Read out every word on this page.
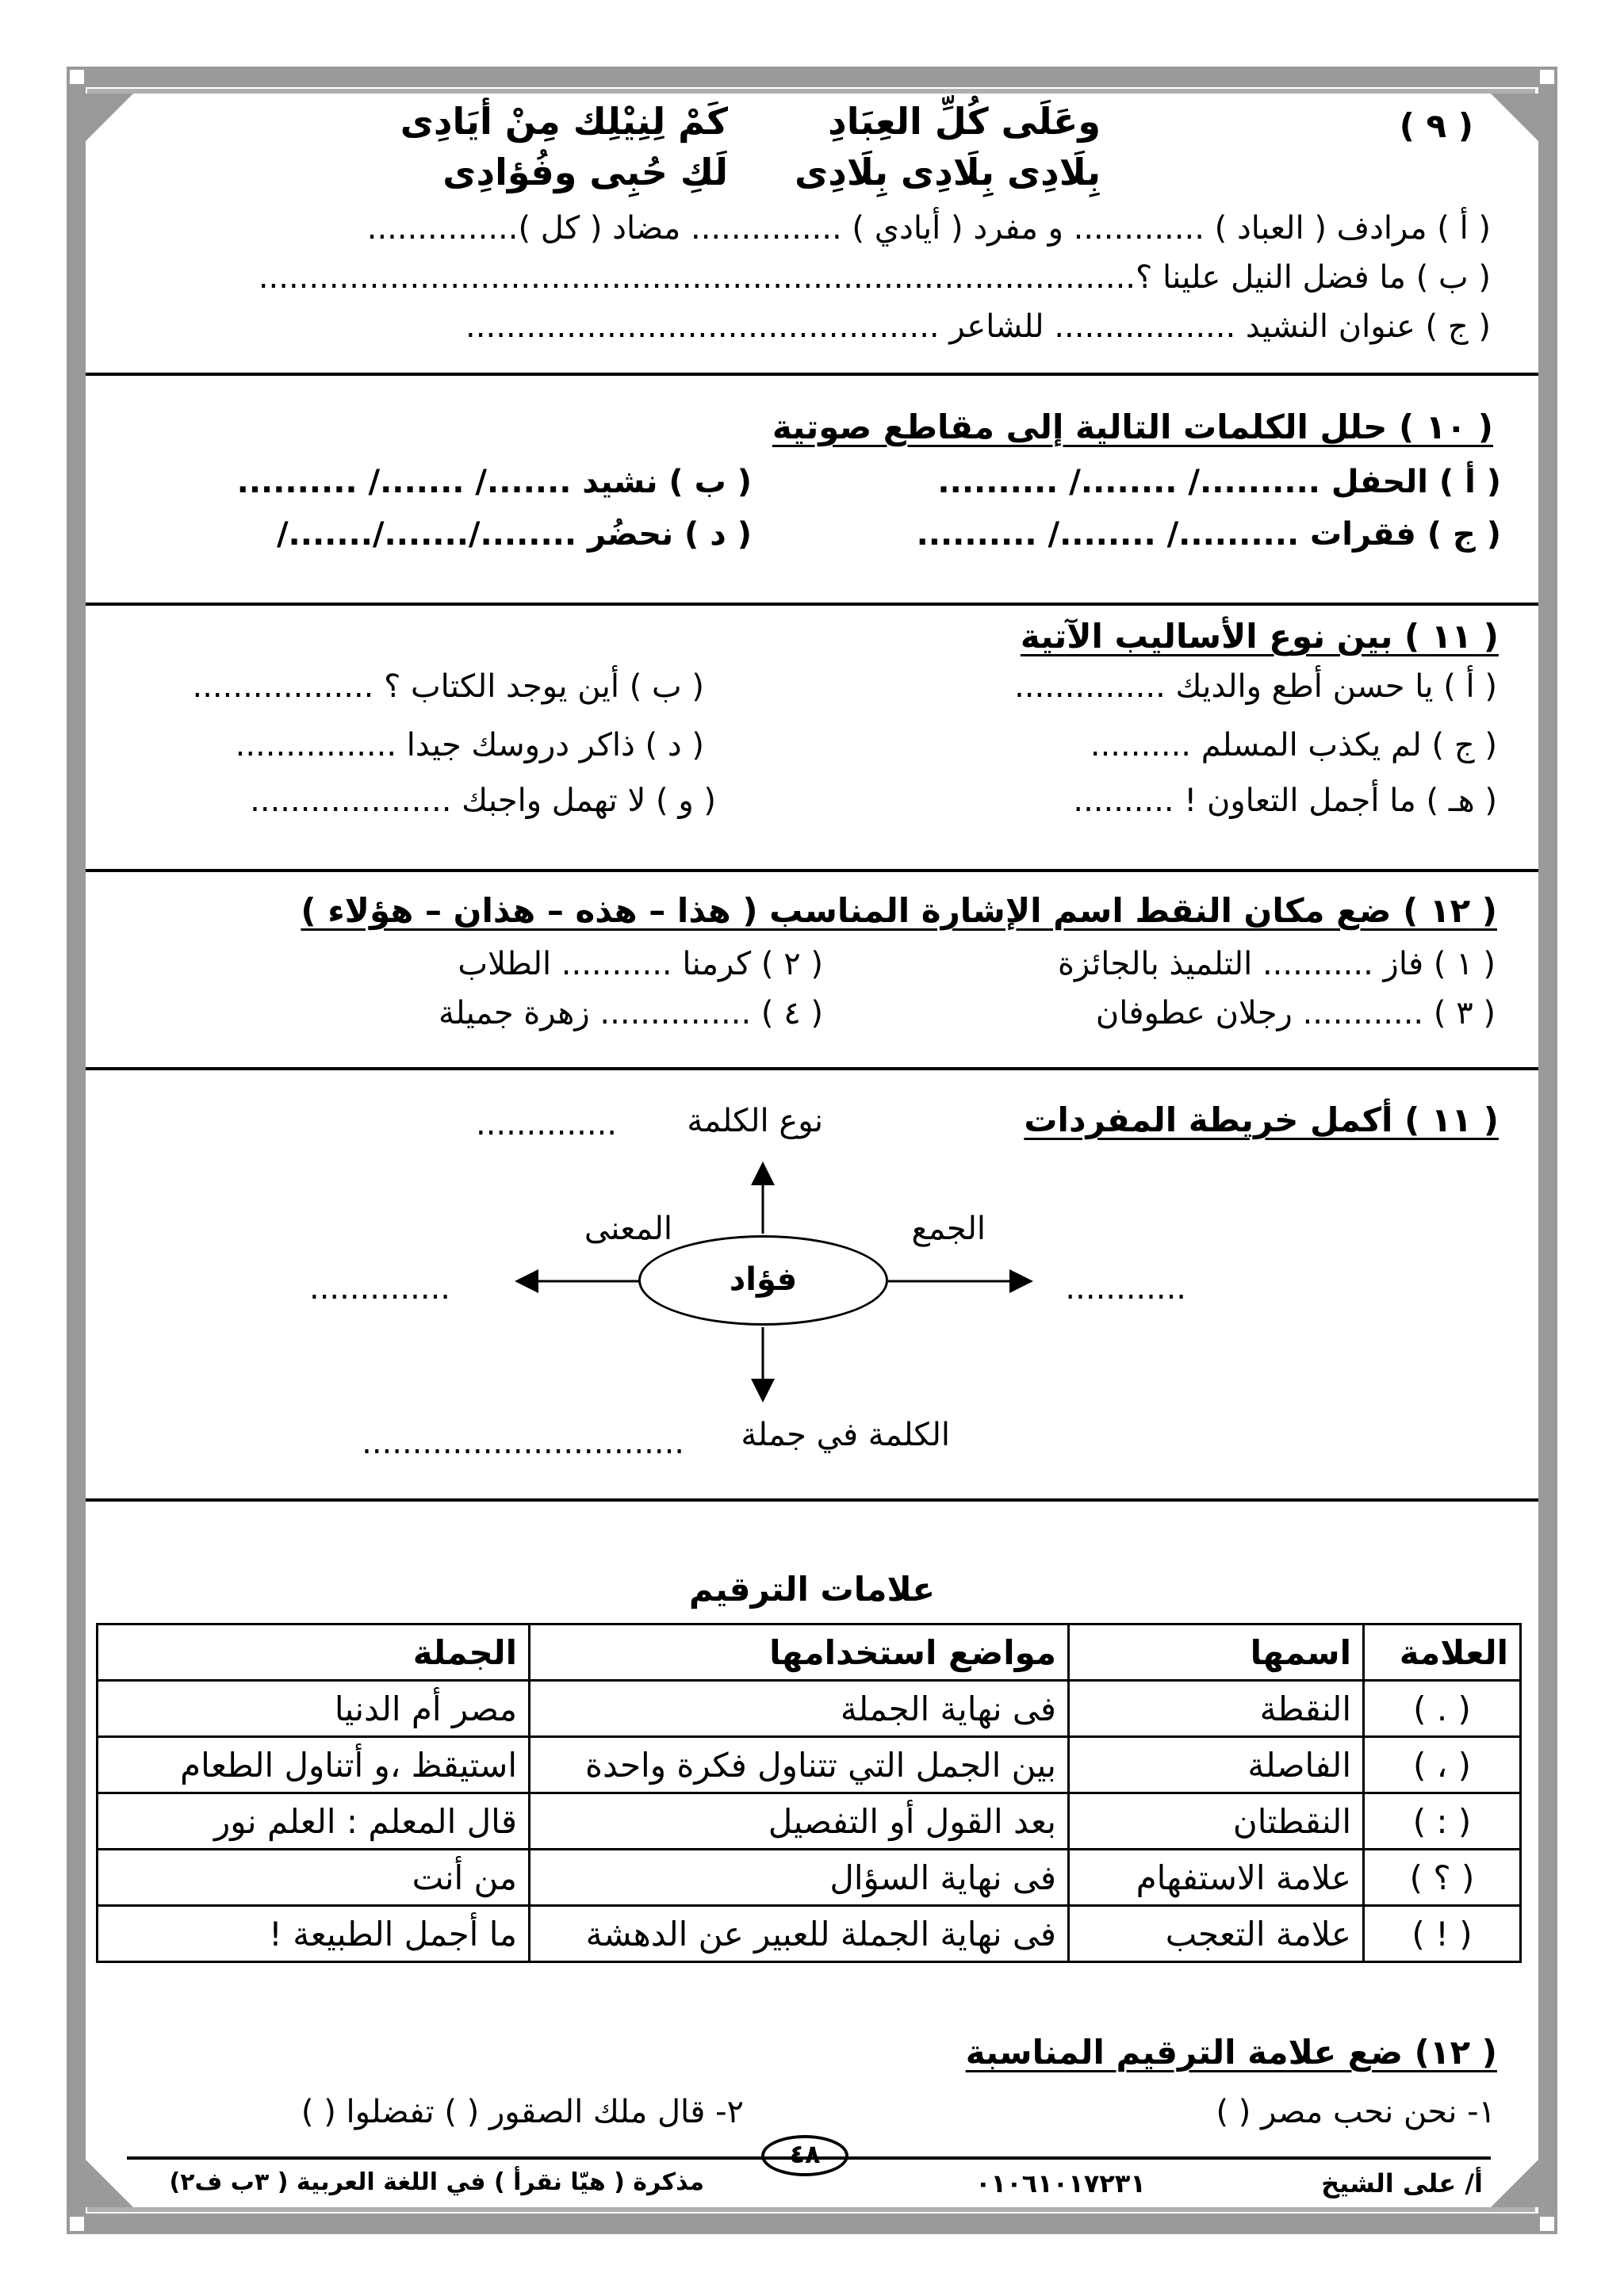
( ٩ )
وعَلَى كُلِّ العِبَادِ
كَمْ لِنِيْلِك مِنْ أيَادِى
بِلَادِى بِلَادِى بِلَادِى
لَكِ حُبِى وفُؤادِى
( أ ) مرادف ( العباد ) ............. و مفرد ( أيادي ) ............... مضاد ( كل )...............
( ب ) ما فضل النيل علينا ؟.......................................................................................
( ج ) عنوان النشيد .................. للشاعر ...............................................
( ١٠ ) حلل الكلمات التالية إلى مقاطع صوتية
( أ ) الحفل ........../ ......../ ..........
( ب ) نشيد ......./ ......./ ..........
( ج ) فقرات ........../ ......../ ..........
( د ) نحضُر ......../......./......./
( ١١ ) بين نوع الأساليب الآتية
( أ ) يا حسن أطع والديك ...............
( ب ) أين يوجد الكتاب ؟ ..................
( ج ) لم يكذب المسلم ..........
( د ) ذاكر دروسك جيدا ................
( هـ ) ما أجمل التعاون ! ..........
( و ) لا تهمل واجبك ....................
( ١٢ ) ضع مكان النقط اسم الإشارة المناسب ( هذا – هذه – هذان – هؤلاء )
( ١ ) فاز ........... التلميذ بالجائزة
( ٢ ) كرمنا ........... الطلاب
( ٣ ) ............ رجلان عطوفان
( ٤ ) ............... زهرة جميلة
( ١١ ) أكمل خريطة المفردات
نوع الكلمة
..............
الجمع
المعنى
............
..............
الكلمة في جملة
................................
فؤاد
علامات الترقيم
العلامة	اسمها	مواضع استخدامها	الجملة
( . )	النقطة	فى نهاية الجملة	مصر أم الدنيا
( ، )	الفاصلة	بين الجمل التي تتناول فكرة واحدة	استيقظ ،و أتناول الطعام
( : )	النقطتان	بعد القول أو التفصيل	قال المعلم : العلم نور
( ؟ )	علامة الاستفهام	فى نهاية السؤال	من أنت
( ! )	علامة التعجب	فى نهاية الجملة للعبير عن الدهشة	ما أجمل الطبيعة !
( ١٢) ضع علامة الترقيم المناسبة
١- نحن نحب مصر ( )
٢- قال ملك الصقور ( ) تفضلوا ( )
أ/ على الشيخ
٠١٠٦١٠١٧٢٣١
٤٨
مذكرة ( هيّا نقرأ ) في اللغة العربية ( ٣ب ف٢)
